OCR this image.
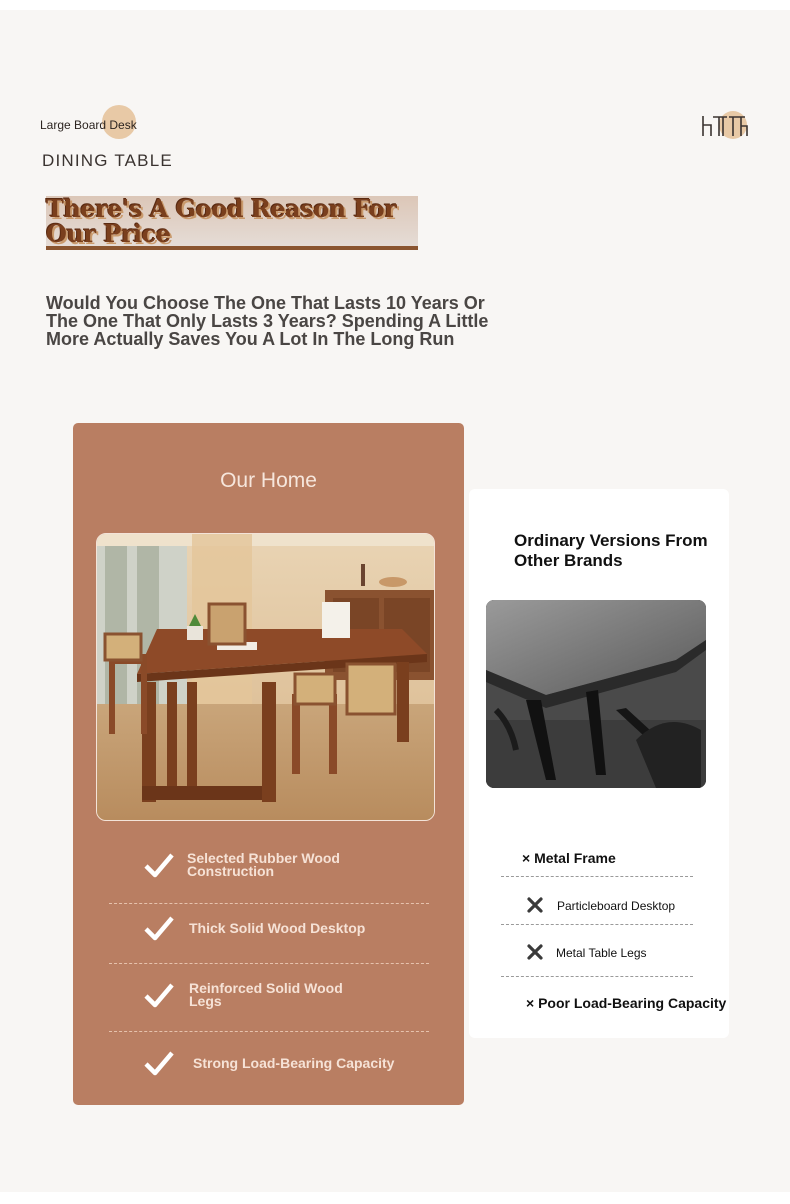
Large Board Desk
DINING TABLE
There's A Good Reason For Our Price
Would You Choose The One That Lasts 10 Years Or The One That Only Lasts 3 Years? Spending A Little More Actually Saves You A Lot In The Long Run
Our Home
Selected Rubber Wood Construction
Thick Solid Wood Desktop
Reinforced Solid Wood Legs
Strong Load-Bearing Capacity
Ordinary Versions From Other Brands
× Metal Frame
Particleboard Desktop
Metal Table Legs
× Poor Load-Bearing Capacity
